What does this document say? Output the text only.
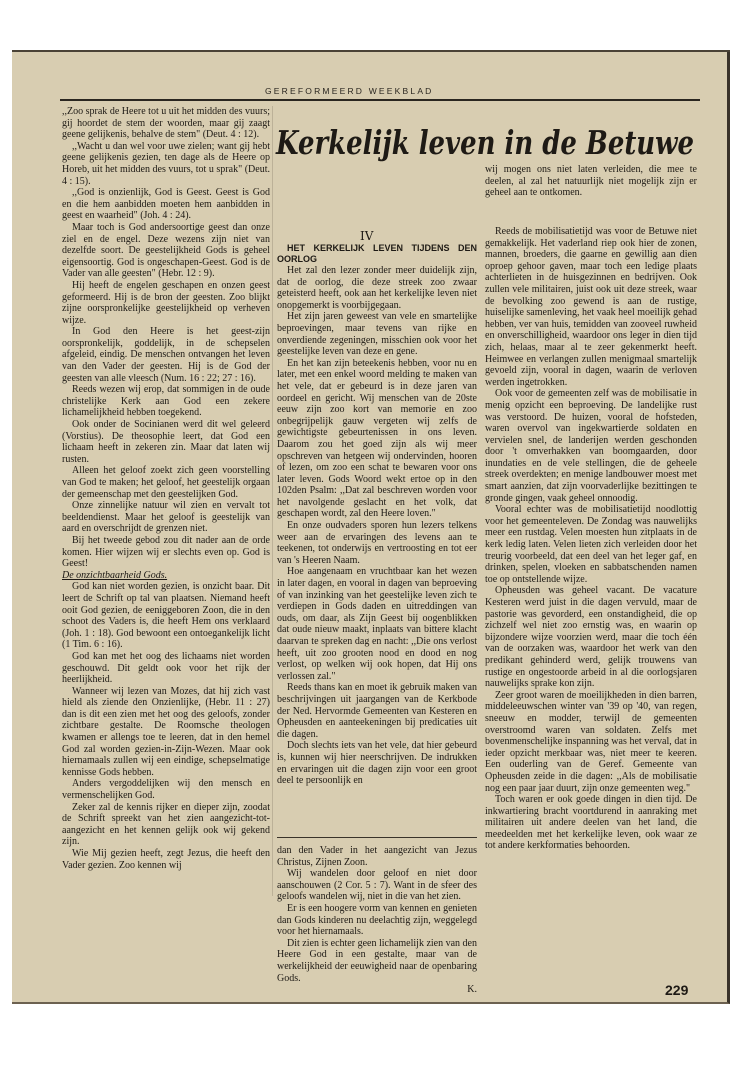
GEREFORMEERD WEEKBLAD
Kerkelijk leven in de Betuwe
IV

,,Zoo sprak de Heere tot u uit het midden des vuurs; gij hoordet de stem der woorden, maar gij zaagt geene gelijkenis, behalve de stem" (Deut. 4 : 12).

,,Wacht u dan wel voor uwe zielen; want gij hebt geene gelijkenis gezien, ten dage als de Heere op Horeb, uit het midden des vuurs, tot u sprak" (Deut. 4 : 15).

,,God is onzienlijk, God is Geest. Geest is God en die hem aanbidden moeten hem aanbidden in geest en waarheid" (Joh. 4 : 24).

Maar toch is God andersoortige geest dan onze ziel en de engel. Deze wezens zijn niet van dezelfde soort. De geestelijkheid Gods is geheel eigensoortig. God is ongeschapen-Geest. God is de Vader van alle geesten" (Hebr. 12 : 9).

Hij heeft de engelen geschapen en onzen geest geformeerd. Hij is de bron der geesten. Zoo blijkt zijne oorspronkelijke geestelijkheid op verheven wijze.

In God den Heere is het geest-zijn oorspronkelijk, goddelijk, in de schepselen afgeleid, eindig. De menschen ontvangen het leven van den Vader der geesten. Hij is de God der geesten van alle vleesch (Num. 16 : 22; 27 : 16).

Reeds wezen wij erop, dat sommigen in de oude christelijke Kerk aan God een zekere lichamelijkheid hebben toegekend.

Ook onder de Socinianen werd dit wel geleerd (Vorstius). De theosophie leert, dat God een lichaam heeft in zekeren zin. Maar dat laten wij rusten.

Alleen het geloof zoekt zich geen voorstelling van God te maken; het geloof, het geestelijk orgaan der gemeenschap met den geestelijken God.

Onze zinnelijke natuur wil zien en vervalt tot beeldendienst. Maar het geloof is geestelijk van aard en overschrijdt de grenzen niet.

Bij het tweede gebod zou dit nader aan de orde komen. Hier wijzen wij er slechts even op. God is Geest!

De onzichtbaarheid Gods.

God kan niet worden gezien, is onzicht baar. Dit leert de Schrift op tal van plaatsen. Niemand heeft ooit God gezien, de eeniggeboren Zoon, die in den schoot des Vaders is, die heeft Hem ons verklaard (Joh. 1 : 18). God bewoont een ontoegankelijk licht (1 Tim. 6 : 16).

God kan met het oog des lichaams niet worden geschouwd. Dit geldt ook voor het rijk der heerlijkheid.

Wanneer wij lezen van Mozes, dat hij zich vast hield als ziende den Onzienlijke, (Hebr. 11 : 27) dan is dit een zien met het oog des geloofs, zonder zichtbare gestalte. De Roomsche theologen kwamen er allengs toe te leeren, dat in den hemel God zal worden gezien-in-Zijn-Wezen. Maar ook hiernamaals zullen wij een eindige, schepselmatige kennisse Gods hebben.

Anders vergoddelijken wij den mensch en vermenschelijken God.

Zeker zal de kennis rijker en dieper zijn, zoodat de Schrift spreekt van het zien aangezicht-tot-aangezicht en het kennen gelijk ook wij gekend zijn.

Wie Mij gezien heeft, zegt Jezus, die heeft den Vader gezien. Zoo kennen wij

HET KERKELIJK LEVEN TIJDENS DEN OORLOG

Het zal den lezer zonder meer duidelijk zijn, dat de oorlog, die deze streek zoo zwaar geteisterd heeft, ook aan het kerkelijke leven niet onopgemerkt is voorbijgegaan.

Het zijn jaren geweest van vele en smartelijke beproevingen, maar tevens van rijke en onverdiende zegeningen, misschien ook voor het geestelijke leven van deze en gene.

En het kan zijn beteekenis hebben, voor nu en later, met een enkel woord melding te maken van het vele, dat er gebeurd is in deze jaren van oordeel en gericht. Wij menschen van de 20ste eeuw zijn zoo kort van memorie en zoo onbegrijpelijk gauw vergeten wij zelfs de gewichtigste gebeurtenissen in ons leven. Daarom zou het goed zijn als wij meer opschreven van hetgeen wij ondervinden, hooren of lezen, om zoo een schat te bewaren voor ons later leven. Gods Woord wekt ertoe op in den 102den Psalm: ,,Dat zal beschreven worden voor het navolgende geslacht en het volk, dat geschapen wordt, zal den Heere loven."

En onze oudvaders sporen hun lezers telkens weer aan de ervaringen des levens aan te teekenen, tot onderwijs en vertroosting en tot eer van 's Heeren Naam.

Hoe aangenaam en vruchtbaar kan het wezen in later dagen, en vooral in dagen van beproeving of van inzinking van het geestelijke leven zich te verdiepen in Gods daden en uitreddingen van ouds, om daar, als Zijn Geest bij oogenblikken dat oude nieuw maakt, inplaats van bittere klacht daarvan te spreken dag en nacht: ,,Die ons verlost heeft, uit zoo grooten nood en dood en nog verlost, op welken wij ook hopen, dat Hij ons verlossen zal."

Reeds thans kan en moet ik gebruik maken van beschrijvingen uit jaargangen van de Kerkbode der Ned. Hervormde Gemeenten van Kesteren en Opheusden en aanteekeningen bij predicaties uit die dagen.

Doch slechts iets van het vele, dat hier gebeurd is, kunnen wij hier neerschrijven. De indrukken en ervaringen uit die dagen zijn voor een groot deel te persoonlijk en

dan den Vader in het aangezicht van Jezus Christus, Zijnen Zoon.

Wij wandelen door geloof en niet door aanschouwen (2 Cor. 5 : 7). Want in de sfeer des geloofs wandelen wij, niet in die van het zien.

Er is een hoogere vorm van kennen en genieten dan Gods kinderen nu deelachtig zijn, weggelegd voor het hiernamaals.

Dit zien is echter geen lichamelijk zien van den Heere God in een gestalte, maar van de werkelijkheid der eeuwigheid naar de openbaring Gods.

K.

wij mogen ons niet laten verleiden, die mee te deelen, al zal het natuurlijk niet mogelijk zijn er geheel aan te ontkomen.

Reeds de mobilisatietijd was voor de Betuwe niet gemakkelijk. Het vaderland riep ook hier de zonen, mannen, broeders, die gaarne en gewillig aan dien oproep gehoor gaven, maar toch een ledige plaats achterlieten in de huisgezinnen en bedrijven. Ook zullen vele militairen, juist ook uit deze streek, waar de bevolking zoo gewend is aan de rustige, huiselijke samenleving, het vaak heel moeilijk gehad hebben, ver van huis, temidden van zooveel ruwheid en onverschilligheid, waardoor ons leger in dien tijd zich, helaas, maar al te zeer gekenmerkt heeft. Heimwee en verlangen zullen menigmaal smartelijk gevoeld zijn, vooral in dagen, waarin de verloven werden ingetrokken.

Ook voor de gemeenten zelf was de mobilisatie in menig opzicht een beproeving. De landelijke rust was verstoord. De huizen, vooral de hofsteden, waren overvol van ingekwartierde soldaten en vervielen snel, de landerijen werden geschonden door 't omverhakken van boomgaarden, door inundaties en de vele stellingen, die de geheele streek overdekten; en menige landbouwer moest met smart aanzien, dat zijn voorvaderlijke bezittingen te gronde gingen, vaak geheel onnoodig.

Vooral echter was de mobilisatietijd noodlottig voor het gemeenteleven. De Zondag was nauwelijks meer een rustdag. Velen moesten hun zitplaats in de kerk ledig laten. Velen lieten zich verleiden door het treurig voorbeeld, dat een deel van het leger gaf, en drinken, spelen, vloeken en sabbatschenden namen toe op ontstellende wijze.

Opheusden was geheel vacant. De vacature Kesteren werd juist in die dagen vervuld, maar de pastorie was gevorderd, een onstandigheid, die op zichzelf wel niet zoo ernstig was, en waarin op bijzondere wijze voorzien werd, maar die toch één van de oorzaken was, waardoor het werk van den predikant gehinderd werd, gelijk trouwens van rustige en ongestoorde arbeid in al die oorlogsjaren nauwelijks sprake kon zijn.

Zeer groot waren de moeilijkheden in dien barren, middeleeuwschen winter van '39 op '40, van regen, sneeuw en modder, terwijl de gemeenten overstroomd waren van soldaten. Zelfs met bovenmenschelijke inspanning was het verval, dat in ieder opzicht merkbaar was, niet meer te keeren. Een ouderling van de Geref. Gemeente van Opheusden zeide in die dagen: ,,Als de mobilisatie nog een paar jaar duurt, zijn onze gemeenten weg."

Toch waren er ook goede dingen in dien tijd. De inkwartiering bracht voortdurend in aanraking met militairen uit andere deelen van het land, die meedeelden met het kerkelijke leven, ook waar ze tot andere kerkformaties behoorden.

229
